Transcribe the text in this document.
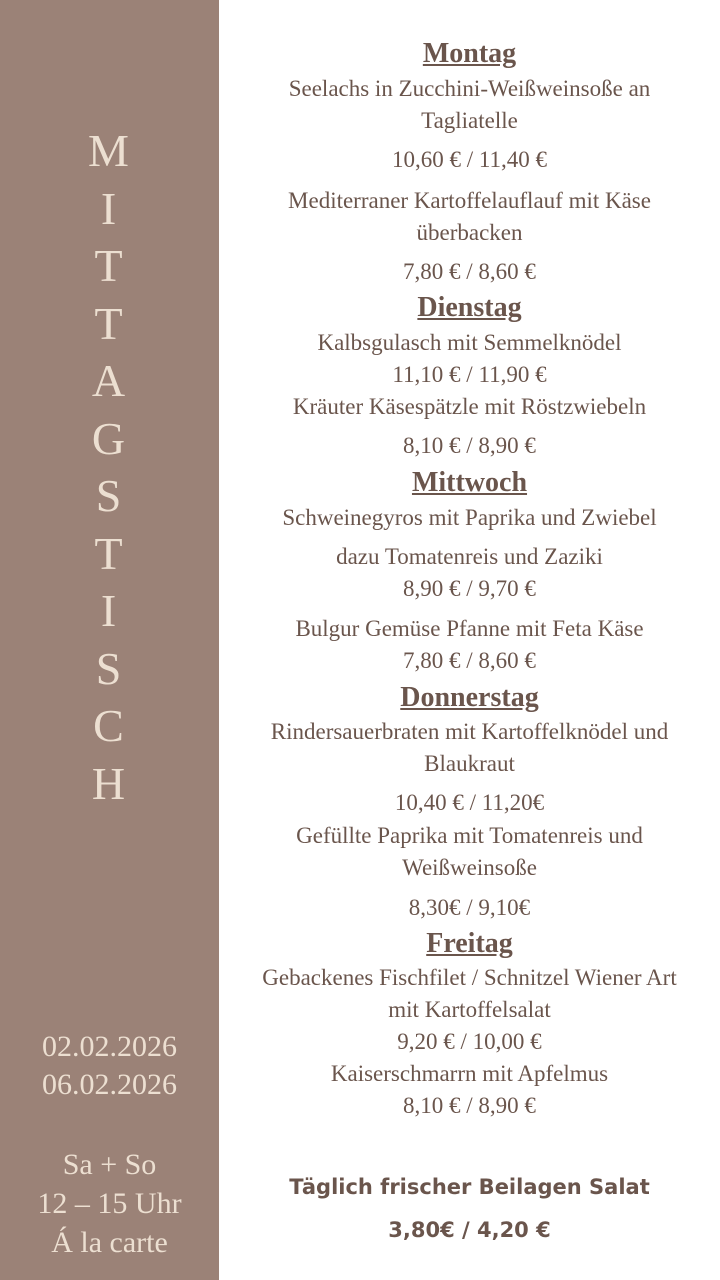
M
I
T
T
A
G
S
T
I
S
C
H
02.02.2026
06.02.2026
Sa + So
12 – 15 Uhr
Á la carte
Montag
Seelachs in Zucchini-Weißweinsoße an
Tagliatelle
10,60 € / 11,40 €
Mediterraner Kartoffelauflauf mit Käse
überbacken
7,80 € / 8,60 €
Dienstag
Kalbsgulasch mit Semmelknödel
11,10 € / 11,90 €
Kräuter Käsespätzle mit Röstzwiebeln
8,10 € / 8,90 €
Mittwoch
Schweinegyros mit Paprika und Zwiebel
dazu Tomatenreis und Zaziki
8,90 € / 9,70 €
Bulgur Gemüse Pfanne mit Feta Käse
7,80 € / 8,60 €
Donnerstag
Rindersauerbraten mit Kartoffelknödel und
Blaukraut
10,40 € / 11,20€
Gefüllte Paprika mit Tomatenreis und
Weißweinsoße
8,30€ / 9,10€
Freitag
Gebackenes Fischfilet / Schnitzel Wiener Art
mit Kartoffelsalat
9,20 € / 10,00 €
Kaiserschmarrn mit Apfelmus
8,10 € / 8,90 €
Täglich frischer Beilagen Salat
3,80€ / 4,20 €
